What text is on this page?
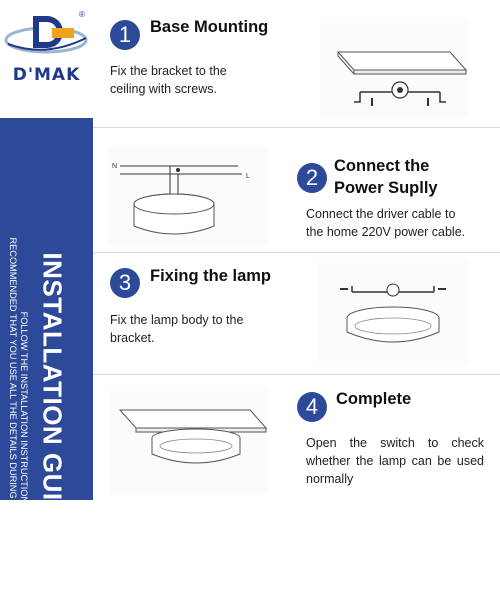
®
D'MAK
INSTALLATION GUIDANCE
FOLLOW THE INSTALLATION INSTRUCTION IS
RECOMMENDED THAT YOU USE ALL THE DETAILS DURING THE INSTALLATION.
1	Base Mounting
Fix the bracket to the ceiling with screws.
N
L	2 Connect the Power Suplly
Connect the driver cable to the home 220V power cable.
3	Fixing the lamp
Fix the lamp body to the bracket.
4	Complete
Open the switch to check whether the lamp can be used normally
